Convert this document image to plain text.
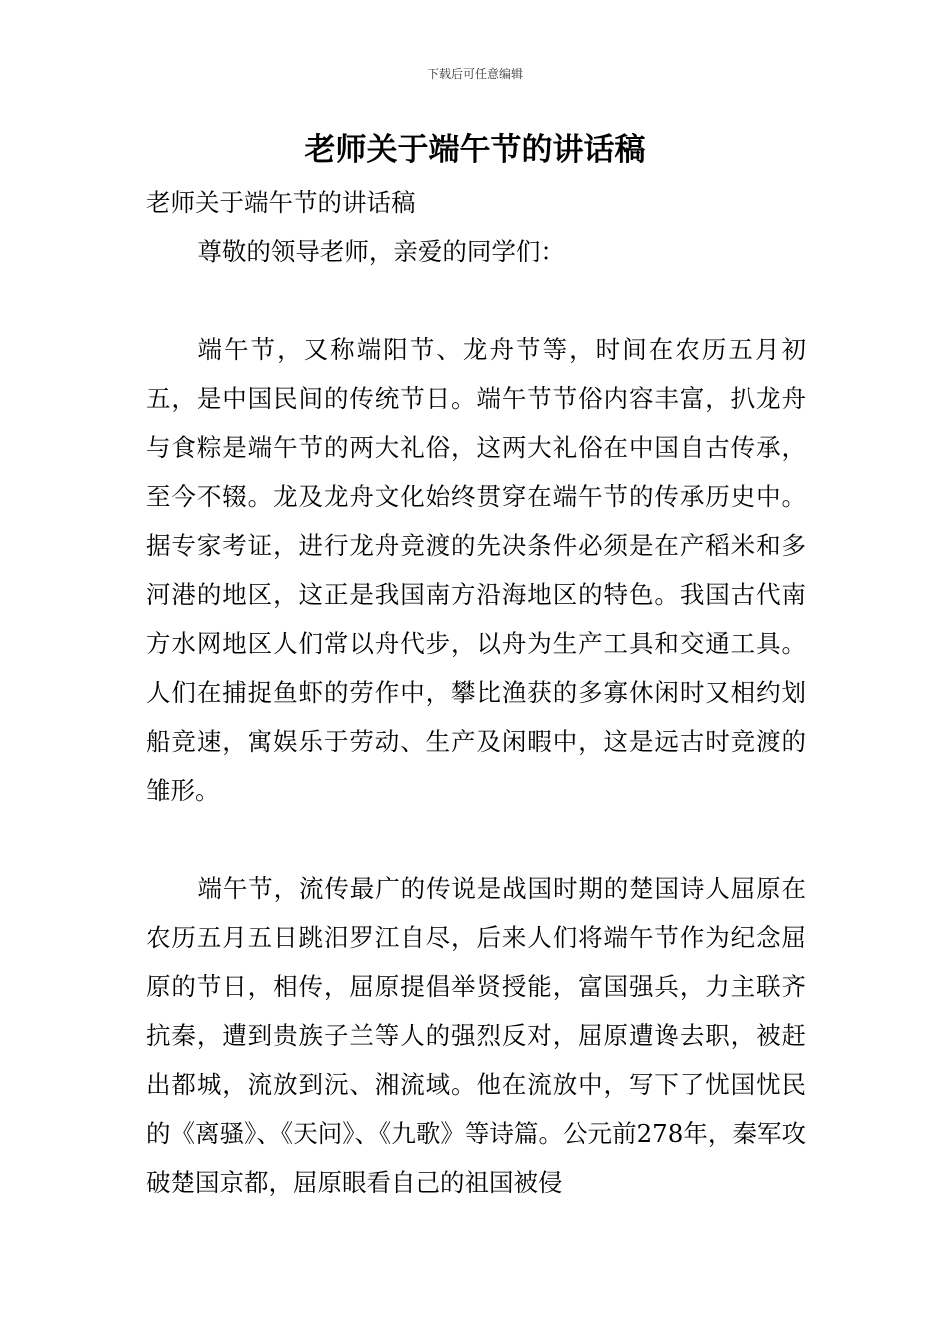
下载后可任意编辑
老师关于端午节的讲话稿

老师关于端午节的讲话稿

尊敬的领导老师，亲爱的同学们：

端午节，又称端阳节、龙舟节等，时间在农历五月初五，是中国民间的传统节日。端午节节俗内容丰富，扒龙舟与食粽是端午节的两大礼俗，这两大礼俗在中国自古传承，至今不辍。龙及龙舟文化始终贯穿在端午节的传承历史中。据专家考证，进行龙舟竞渡的先决条件必须是在产稻米和多河港的地区，这正是我国南方沿海地区的特色。我国古代南方水网地区人们常以舟代步，以舟为生产工具和交通工具。人们在捕捉鱼虾的劳作中，攀比渔获的多寡休闲时又相约划船竞速，寓娱乐于劳动、生产及闲暇中，这是远古时竞渡的雏形。

端午节，流传最广的传说是战国时期的楚国诗人屈原在农历五月五日跳汨罗江自尽，后来人们将端午节作为纪念屈原的节日，相传，屈原提倡举贤授能，富国强兵，力主联齐抗秦，遭到贵族子兰等人的强烈反对，屈原遭谗去职，被赶出都城，流放到沅、湘流域。他在流放中，写下了忧国忧民的《离骚》、《天问》、《九歌》等诗篇。公元前278年，秦军攻破楚国京都，屈原眼看自己的祖国被侵
